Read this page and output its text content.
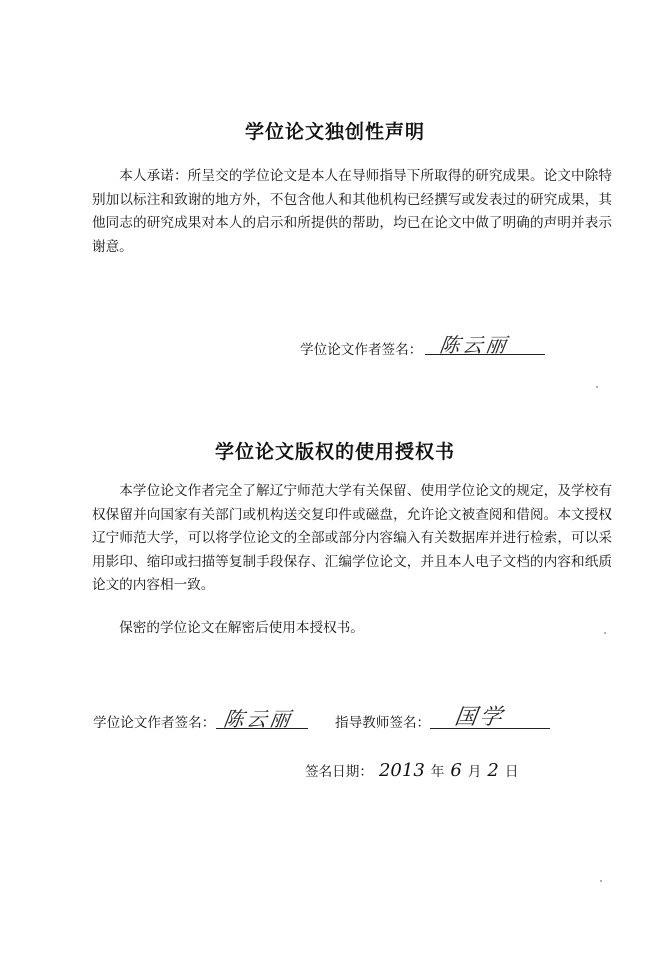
学位论文独创性声明
本人承诺：所呈交的学位论文是本人在导师指导下所取得的研究成果。论文中除特别加以标注和致谢的地方外，不包含他人和其他机构已经撰写或发表过的研究成果，其他同志的研究成果对本人的启示和所提供的帮助，均已在论文中做了明确的声明并表示谢意。
学位论文作者签名： 陈云丽
学位论文版权的使用授权书
本学位论文作者完全了解辽宁师范大学有关保留、使用学位论文的规定，及学校有权保留并向国家有关部门或机构送交复印件或磁盘，允许论文被查阅和借阅。本文授权辽宁师范大学，可以将学位论文的全部或部分内容编入有关数据库并进行检索，可以采用影印、缩印或扫描等复制手段保存、汇编学位论文，并且本人电子文档的内容和纸质论文的内容相一致。
保密的学位论文在解密后使用本授权书。
学位论文作者签名： 陈云丽	指导教师签名： 国学
签名日期： 2013 年 6 月 2 日
